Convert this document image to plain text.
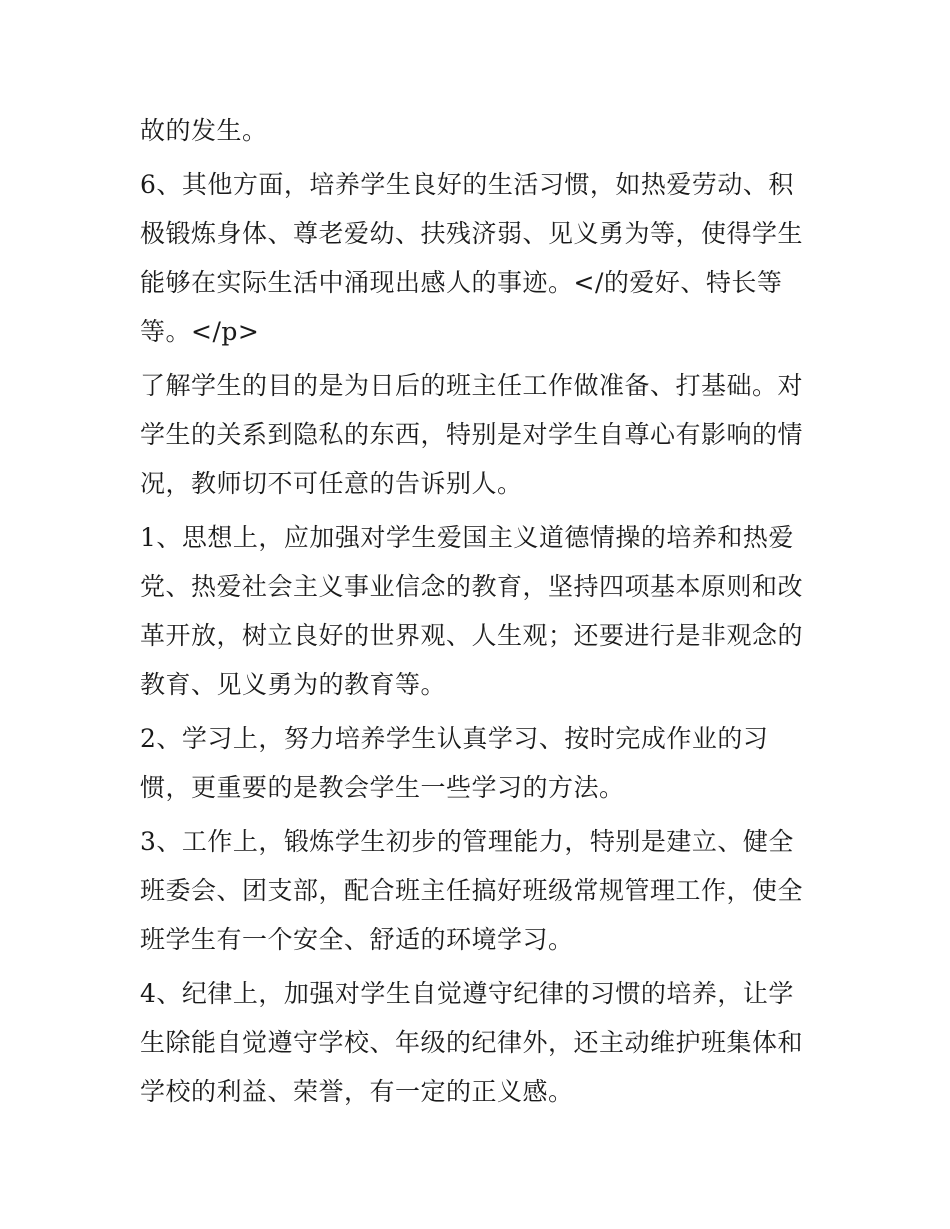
故的发生。

6、其他方面，培养学生良好的生活习惯，如热爱劳动、积极锻炼身体、尊老爱幼、扶残济弱、见义勇为等，使得学生能够在实际生活中涌现出感人的事迹。</的爱好、特长等等。</p>

了解学生的目的是为日后的班主任工作做准备、打基础。对学生的关系到隐私的东西，特别是对学生自尊心有影响的情况，教师切不可任意的告诉别人。

1、思想上，应加强对学生爱国主义道德情操的培养和热爱党、热爱社会主义事业信念的教育，坚持四项基本原则和改革开放，树立良好的世界观、人生观；还要进行是非观念的教育、见义勇为的教育等。

2、学习上，努力培养学生认真学习、按时完成作业的习惯，更重要的是教会学生一些学习的方法。

3、工作上，锻炼学生初步的管理能力，特别是建立、健全班委会、团支部，配合班主任搞好班级常规管理工作，使全班学生有一个安全、舒适的环境学习。

4、纪律上，加强对学生自觉遵守纪律的习惯的培养，让学生除能自觉遵守学校、年级的纪律外，还主动维护班集体和学校的利益、荣誉，有一定的正义感。
